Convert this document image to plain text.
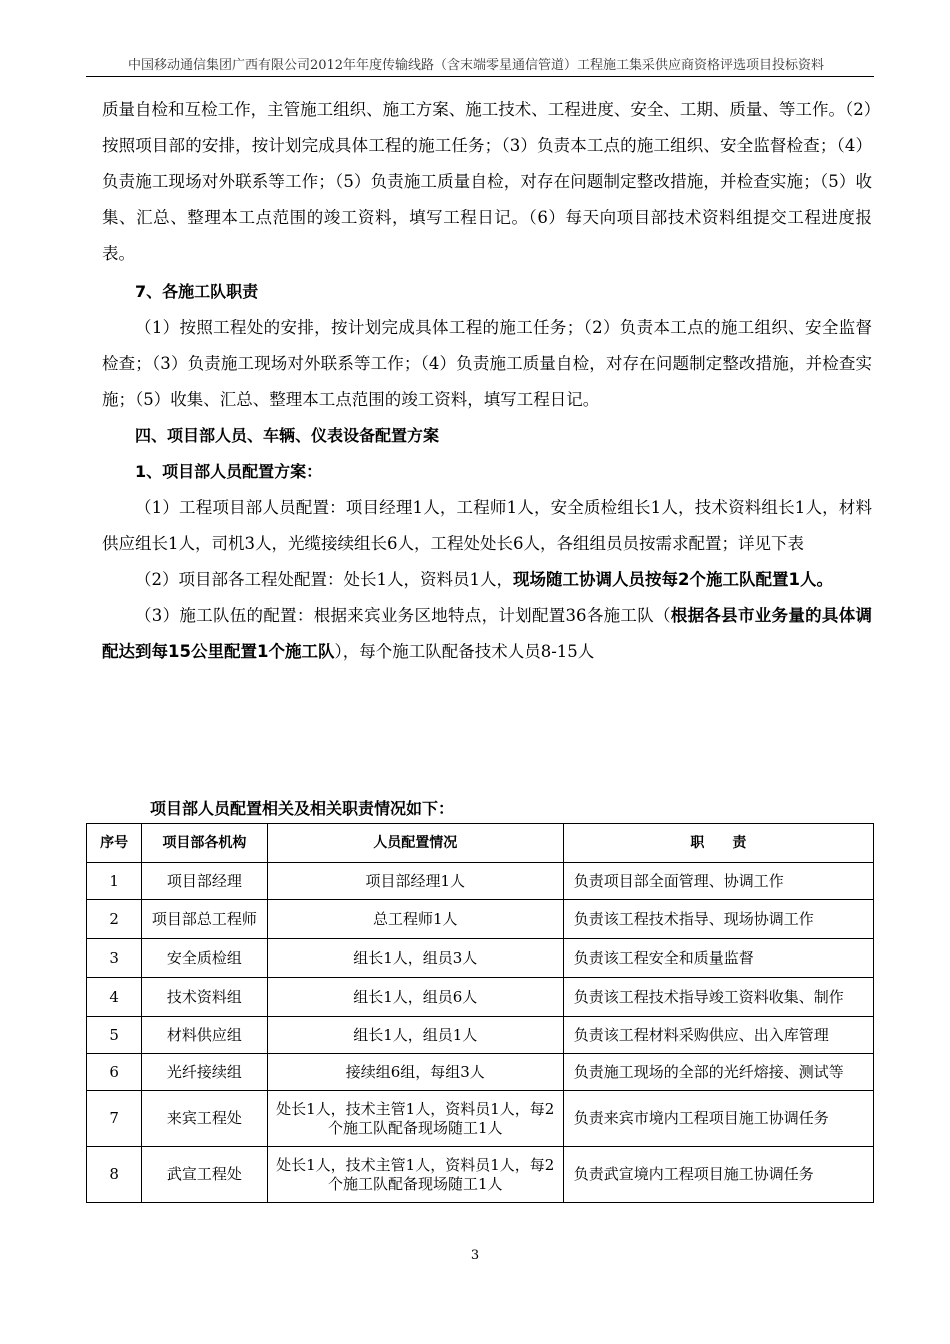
中国移动通信集团广西有限公司2012年年度传输线路（含末端零星通信管道）工程施工集采供应商资格评选项目投标资料

质量自检和互检工作，主管施工组织、施工方案、施工技术、工程进度、安全、工期、质量、等工作。（2）按照项目部的安排，按计划完成具体工程的施工任务；（3）负责本工点的施工组织、安全监督检查；（4）负责施工现场对外联系等工作；（5）负责施工质量自检，对存在问题制定整改措施，并检查实施；（5）收集、汇总、整理本工点范围的竣工资料，填写工程日记。（6）每天向项目部技术资料组提交工程进度报表。

7、各施工队职责

（1）按照工程处的安排，按计划完成具体工程的施工任务；（2）负责本工点的施工组织、安全监督检查；（3）负责施工现场对外联系等工作；（4）负责施工质量自检，对存在问题制定整改措施，并检查实施；（5）收集、汇总、整理本工点范围的竣工资料，填写工程日记。

四、项目部人员、车辆、仪表设备配置方案

1、项目部人员配置方案：

（1）工程项目部人员配置：项目经理1人，工程师1人，安全质检组长1人，技术资料组长1人，材料供应组长1人，司机3人，光缆接续组长6人，工程处处长6人，各组组员员按需求配置；详见下表

（2）项目部各工程处配置：处长1人，资料员1人，现场随工协调人员按每2个施工队配置1人。

（3）施工队伍的配置：根据来宾业务区地特点，计划配置36各施工队（根据各县市业务量的具体调配达到每15公里配置1个施工队），每个施工队配备技术人员8-15人

项目部人员配置相关及相关职责情况如下：
序号	项目部各机构	人员配置情况	职　　责
1	项目部经理	项目部经理1人	负责项目部全面管理、协调工作
2	项目部总工程师	总工程师1人	负责该工程技术指导、现场协调工作
3	安全质检组	组长1人，组员3人	负责该工程安全和质量监督
4	技术资料组	组长1人，组员6人	负责该工程技术指导竣工资料收集、制作
5	材料供应组	组长1人，组员1人	负责该工程材料采购供应、出入库管理
6	光纤接续组	接续组6组，每组3人	负责施工现场的全部的光纤熔接、测试等
7	来宾工程处	处长1人，技术主管1人，资料员1人，每2个施工队配备现场随工1人	负责来宾市境内工程项目施工协调任务
8	武宣工程处	处长1人，技术主管1人，资料员1人，每2个施工队配备现场随工1人	负责武宣境内工程项目施工协调任务
3
